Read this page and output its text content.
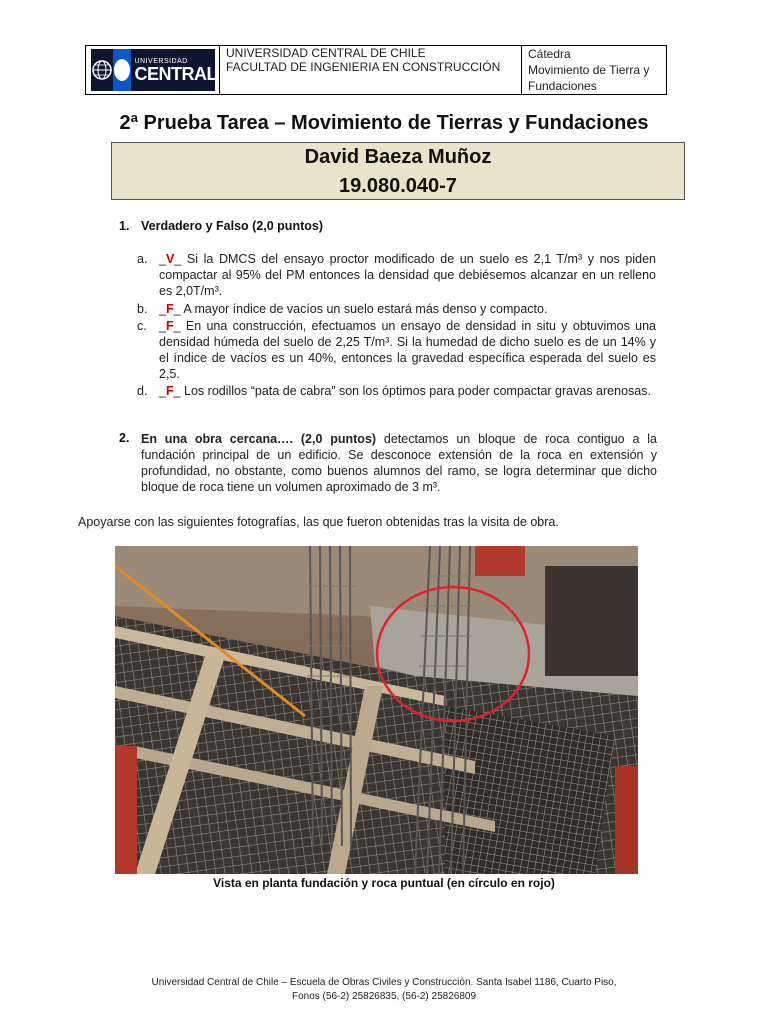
UNIVERSIDAD
CENTRAL
UNIVERSIDAD CENTRAL DE CHILE
FACULTAD DE INGENIERIA EN CONSTRUCCIÓN
Cátedra
Movimiento de Tierra y
Fundaciones
2ª Prueba Tarea – Movimiento de Tierras y Fundaciones
David Baeza Muñoz
19.080.040-7
1. Verdadero y Falso (2,0 puntos)
a. _V_ Si la DMCS del ensayo proctor modificado de un suelo es 2,1 T/m³ y nos piden compactar al 95% del PM entonces la densidad que debiésemos alcanzar en un relleno es 2,0T/m³.
b. _F_ A mayor índice de vacíos un suelo estará más denso y compacto.
c. _F_ En una construcción, efectuamos un ensayo de densidad in situ y obtuvimos una densidad húmeda del suelo de 2,25 T/m³. Si la humedad de dicho suelo es de un 14% y el índice de vacíos es un 40%, entonces la gravedad específica esperada del suelo es 2,5.
d. _F_ Los rodillos “pata de cabra” son los óptimos para poder compactar gravas arenosas.
2. En una obra cercana…. (2,0 puntos) detectamos un bloque de roca contiguo a la fundación principal de un edificio. Se desconoce extensión de la roca en extensión y profundidad, no obstante, como buenos alumnos del ramo, se logra determinar que dicho bloque de roca tiene un volumen aproximado de 3 m³.
Apoyarse con las siguientes fotografías, las que fueron obtenidas tras la visita de obra.
Vista en planta fundación y roca puntual (en círculo en rojo)
Universidad Central de Chile – Escuela de Obras Civiles y Construcción. Santa Isabel 1186, Cuarto Piso,
Fonos (56-2) 25826835, (56-2) 25826809
